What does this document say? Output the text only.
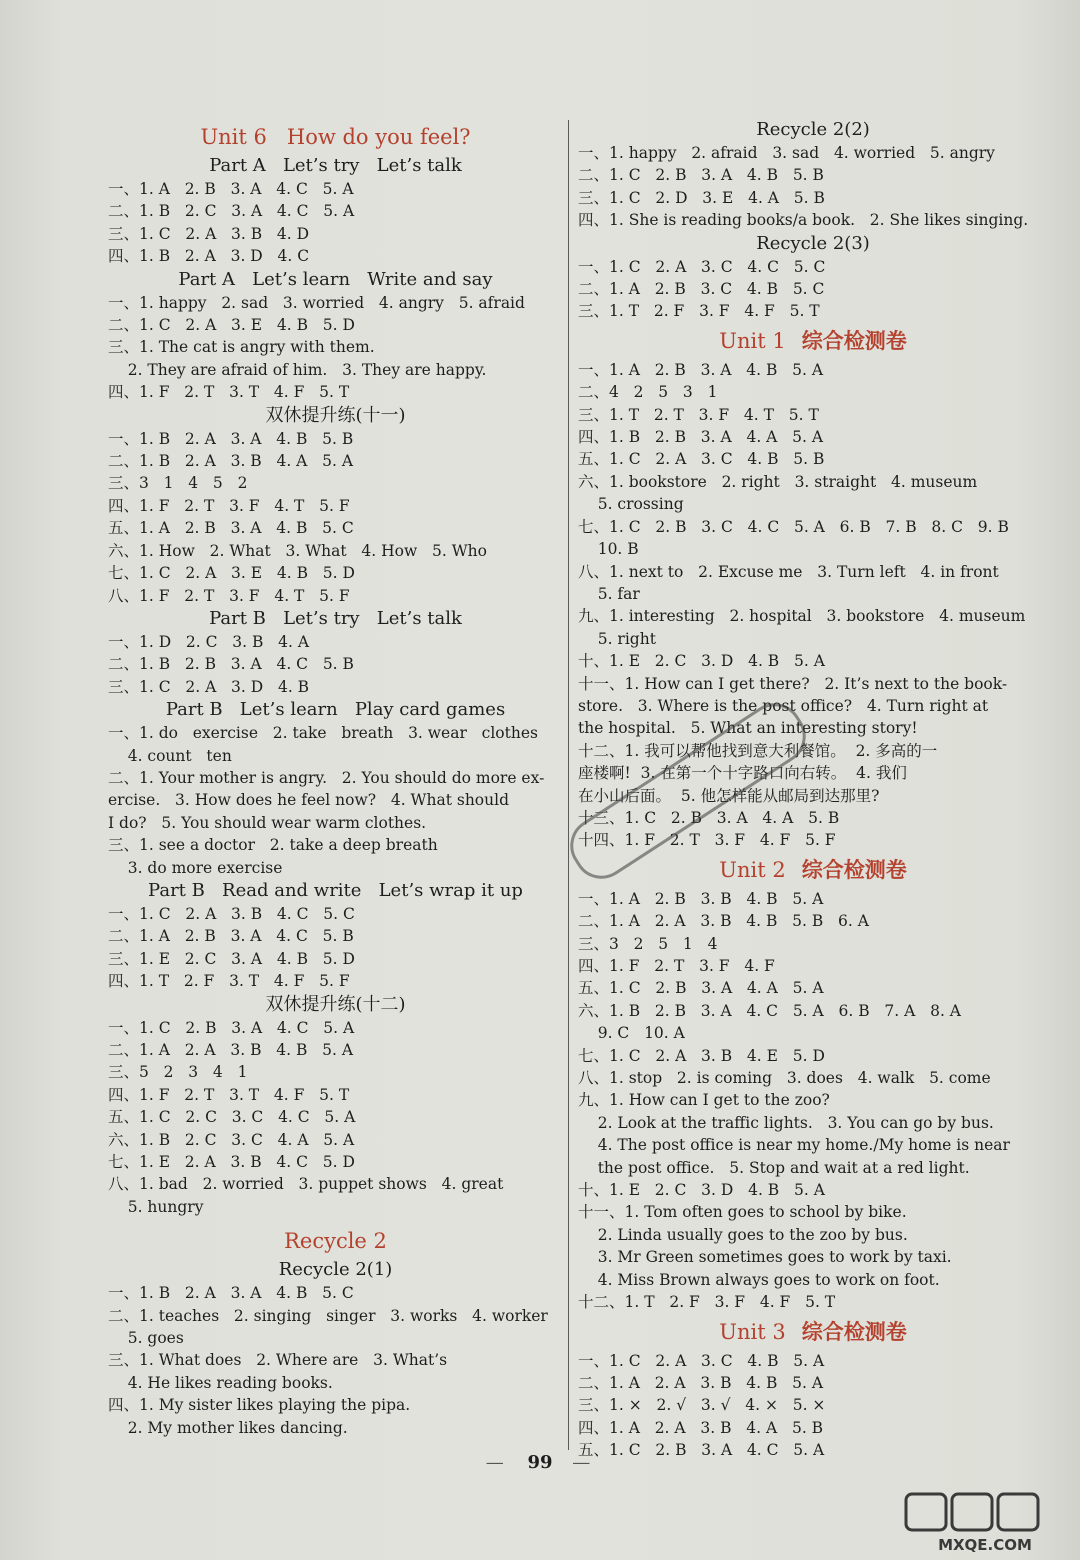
Unit 6   How do you feel?
Part A   Let’s try   Let’s talk
一、1. A   2. B   3. A   4. C   5. A
二、1. B   2. C   3. A   4. C   5. A
三、1. C   2. A   3. B   4. D
四、1. B   2. A   3. D   4. C
Part A   Let’s learn   Write and say
一、1. happy   2. sad   3. worried   4. angry   5. afraid
二、1. C   2. A   3. E   4. B   5. D
三、1. The cat is angry with them.
2. They are afraid of him.   3. They are happy.
四、1. F   2. T   3. T   4. F   5. T
双休提升练(十一)
一、1. B   2. A   3. A   4. B   5. B
二、1. B   2. A   3. B   4. A   5. A
三、3   1   4   5   2
四、1. F   2. T   3. F   4. T   5. F
五、1. A   2. B   3. A   4. B   5. C
六、1. How   2. What   3. What   4. How   5. Who
七、1. C   2. A   3. E   4. B   5. D
八、1. F   2. T   3. F   4. T   5. F
Part B   Let’s try   Let’s talk
一、1. D   2. C   3. B   4. A
二、1. B   2. B   3. A   4. C   5. B
三、1. C   2. A   3. D   4. B
Part B   Let’s learn   Play card games
一、1. do   exercise   2. take   breath   3. wear   clothes
4. count   ten
二、1. Your mother is angry.   2. You should do more ex-
ercise.   3. How does he feel now?   4. What should
I do?   5. You should wear warm clothes.
三、1. see a doctor   2. take a deep breath
3. do more exercise
Part B   Read and write   Let’s wrap it up
一、1. C   2. A   3. B   4. C   5. C
二、1. A   2. B   3. A   4. C   5. B
三、1. E   2. C   3. A   4. B   5. D
四、1. T   2. F   3. T   4. F   5. F
双休提升练(十二)
一、1. C   2. B   3. A   4. C   5. A
二、1. A   2. A   3. B   4. B   5. A
三、5   2   3   4   1
四、1. F   2. T   3. T   4. F   5. T
五、1. C   2. C   3. C   4. C   5. A
六、1. B   2. C   3. C   4. A   5. A
七、1. E   2. A   3. B   4. C   5. D
八、1. bad   2. worried   3. puppet shows   4. great
5. hungry
Recycle 2
Recycle 2(1)
一、1. B   2. A   3. A   4. B   5. C
二、1. teaches   2. singing   singer   3. works   4. worker
5. goes
三、1. What does   2. Where are   3. What’s
4. He likes reading books.
四、1. My sister likes playing the pipa.
2. My mother likes dancing.
Recycle 2(2)
一、1. happy   2. afraid   3. sad   4. worried   5. angry
二、1. C   2. B   3. A   4. B   5. B
三、1. C   2. D   3. E   4. A   5. B
四、1. She is reading books/a book.   2. She likes singing.
Recycle 2(3)
一、1. C   2. A   3. C   4. C   5. C
二、1. A   2. B   3. C   4. B   5. C
三、1. T   2. F   3. F   4. F   5. T
Unit 1 综合检测卷
一、1. A   2. B   3. A   4. B   5. A
二、4   2   5   3   1
三、1. T   2. T   3. F   4. T   5. T
四、1. B   2. B   3. A   4. A   5. A
五、1. C   2. A   3. C   4. B   5. B
六、1. bookstore   2. right   3. straight   4. museum
5. crossing
七、1. C   2. B   3. C   4. C   5. A   6. B   7. B   8. C   9. B
10. B
八、1. next to   2. Excuse me   3. Turn left   4. in front
5. far
九、1. interesting   2. hospital   3. bookstore   4. museum
5. right
十、1. E   2. C   3. D   4. B   5. A
十一、1. How can I get there?   2. It’s next to the book-
store.   3. Where is the post office?   4. Turn right at
the hospital.   5. What an interesting story!
十二、1. 我可以帮他找到意大利餐馆。  2. 多高的一
座楼啊!  3. 在第一个十字路口向右转。  4. 我们
在小山后面。  5. 他怎样能从邮局到达那里?
十三、1. C   2. B   3. A   4. A   5. B
十四、1. F   2. T   3. F   4. F   5. F
Unit 2 综合检测卷
一、1. A   2. B   3. B   4. B   5. A
二、1. A   2. A   3. B   4. B   5. B   6. A
三、3   2   5   1   4
四、1. F   2. T   3. F   4. F
五、1. C   2. B   3. A   4. A   5. A
六、1. B   2. B   3. A   4. C   5. A   6. B   7. A   8. A
9. C   10. A
七、1. C   2. A   3. B   4. E   5. D
八、1. stop   2. is coming   3. does   4. walk   5. come
九、1. How can I get to the zoo?
2. Look at the traffic lights.   3. You can go by bus.
4. The post office is near my home./My home is near
the post office.   5. Stop and wait at a red light.
十、1. E   2. C   3. D   4. B   5. A
十一、1. Tom often goes to school by bike.
2. Linda usually goes to the zoo by bus.
3. Mr Green sometimes goes to work by taxi.
4. Miss Brown always goes to work on foot.
十二、1. T   2. F   3. F   4. F   5. T
Unit 3 综合检测卷
一、1. C   2. A   3. C   4. B   5. A
二、1. A   2. A   3. B   4. B   5. A
三、1. ×   2. √   3. √   4. ×   5. ×
四、1. A   2. A   3. B   4. A   5. B
五、1. C   2. B   3. A   4. C   5. A
— 99 —
MXQE.COM
